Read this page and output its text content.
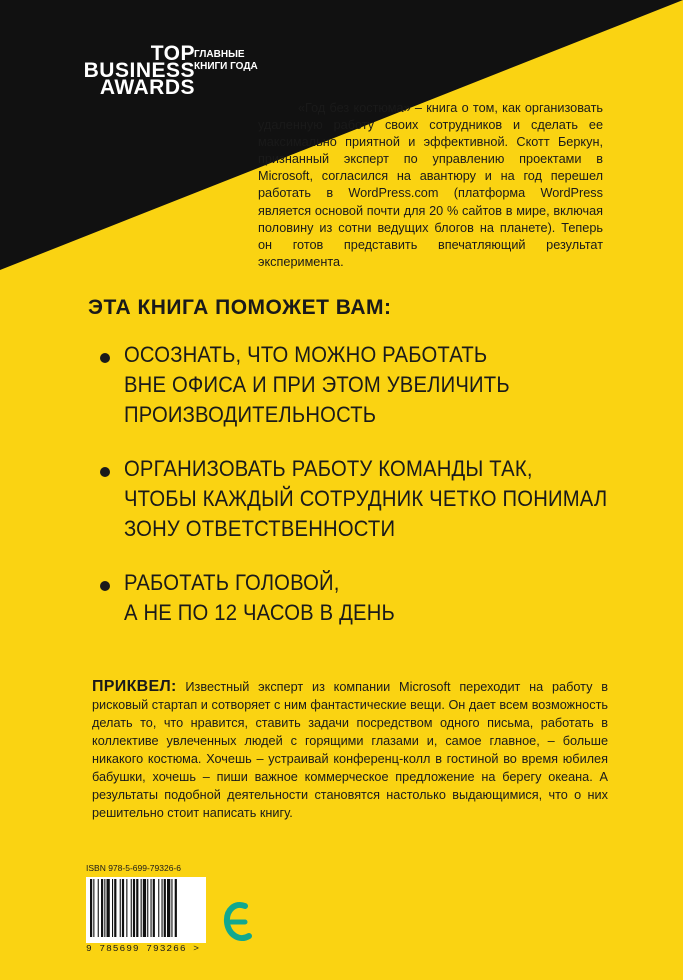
TOP
BUSINESS
AWARDS
ГЛАВНЫЕ
КНИГИ ГОДА

«Год без костюма» – книга о том, как организовать удаленную работу своих сотрудников и сделать ее максимально приятной и эффективной. Скотт Беркун, признанный эксперт по управлению проектами в Microsoft, согласился на авантюру и на год перешел работать в WordPress.com (платформа WordPress является основой почти для 20 % сайтов в мире, включая половину из сотни ведущих блогов на планете). Теперь он готов представить впечатляющий результат эксперимента.

ЭТА КНИГА ПОМОЖЕТ ВАМ:
ОСОЗНАТЬ, ЧТО МОЖНО РАБОТАТЬ
ВНЕ ОФИСА И ПРИ ЭТОМ УВЕЛИЧИТЬ
ПРОИЗВОДИТЕЛЬНОСТЬ
ОРГАНИЗОВАТЬ РАБОТУ КОМАНДЫ ТАК,
ЧТОБЫ КАЖДЫЙ СОТРУДНИК ЧЕТКО ПОНИМАЛ
ЗОНУ ОТВЕТСТВЕННОСТИ
РАБОТАТЬ ГОЛОВОЙ,
А НЕ ПО 12 ЧАСОВ В ДЕНЬ
ПРИКВЕЛ: Известный эксперт из компании Microsoft переходит на работу в рисковый стартап и сотворяет с ним фантастические вещи. Он дает всем возможность делать то, что нравится, ставить задачи посредством одного письма, работать в коллективе увлеченных людей с горящими глазами и, самое главное, – больше никакого костюма. Хочешь – устраивай конференц-колл в гостиной во время юбилея бабушки, хочешь – пиши важное коммерческое предложение на берегу океана. А результаты подобной деятельности становятся настолько выдающимися, что о них решительно стоит написать книгу.
ISBN 978-5-699-79326-6
9 785699 793266 >
